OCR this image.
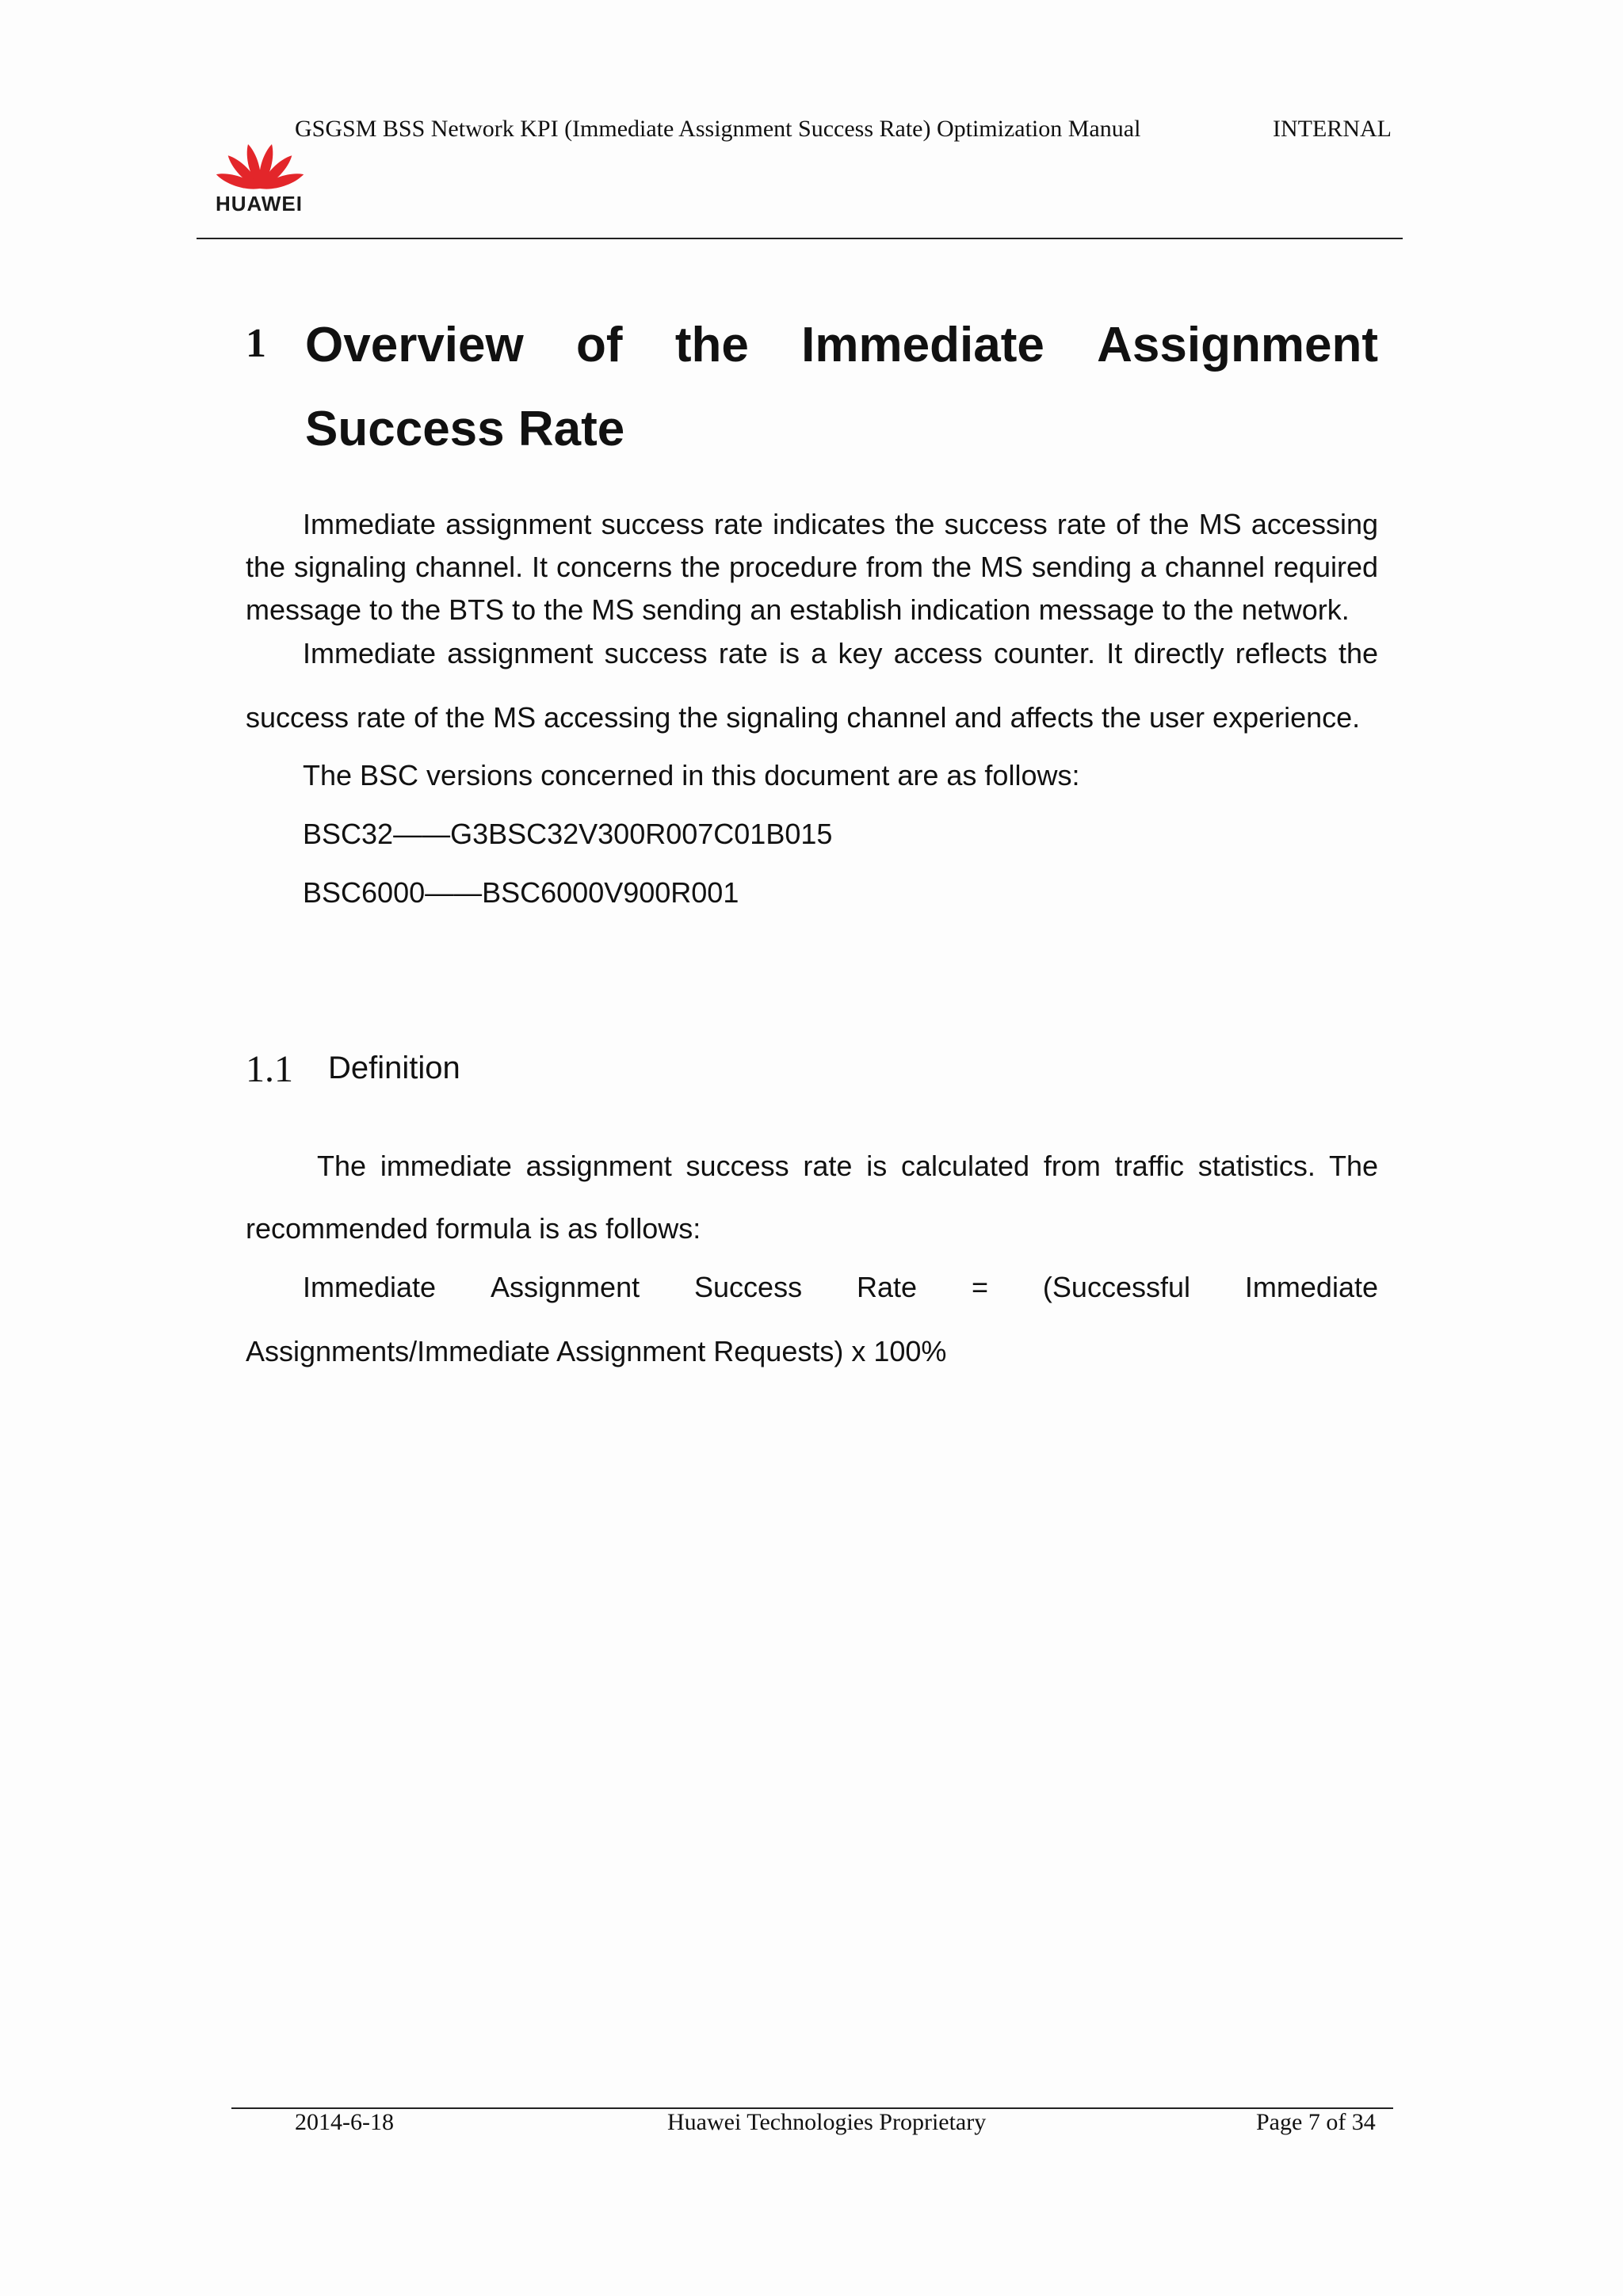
HUAWEI
GSGSM BSS Network KPI (Immediate Assignment Success Rate) Optimization Manual	INTERNAL
1 Overview of the Immediate Assignment
Success Rate
Immediate assignment success rate indicates the success rate of the MS accessing the signaling channel. It concerns the procedure from the MS sending a channel required message to the BTS to the MS sending an establish indication message to the network.
Immediate assignment success rate is a key access counter. It directly reflects the
success rate of the MS accessing the signaling channel and affects the user experience.
The BSC versions concerned in this document are as follows:
BSC32——G3BSC32V300R007C01B015
BSC6000——BSC6000V900R001
1.1 Definition
The immediate assignment success rate is calculated from traffic statistics. The
recommended formula is as follows:
Immediate Assignment Success Rate = (Successful Immediate
Assignments/Immediate Assignment Requests) x 100%
2014-6-18	Huawei Technologies Proprietary	Page 7 of 34
